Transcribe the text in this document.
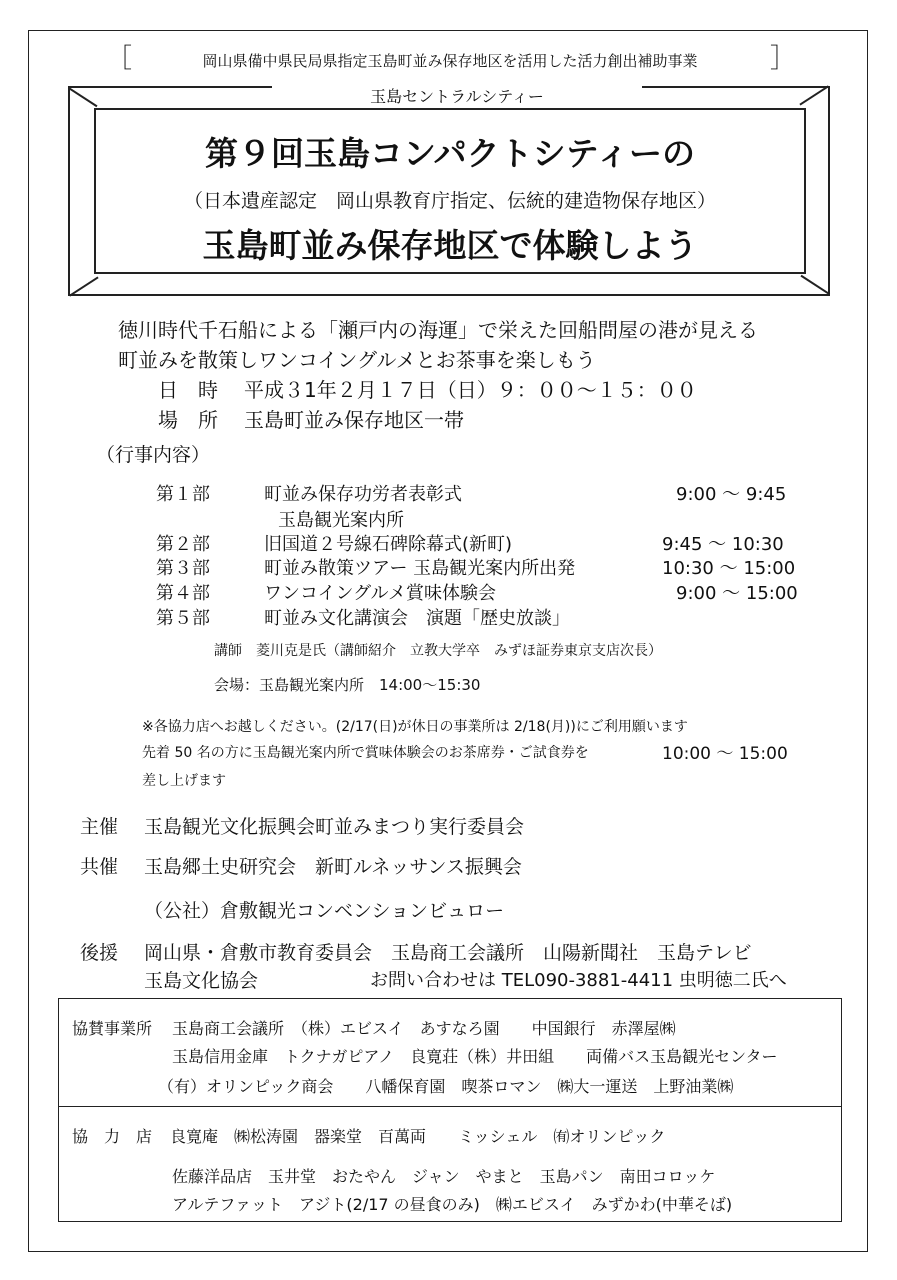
［	岡山県備中県民局県指定玉島町並み保存地区を活用した活力創出補助事業	］
玉島セントラルシティー
第９回玉島コンパクトシティーの
（日本遺産認定　岡山県教育庁指定、伝統的建造物保存地区）
玉島町並み保存地区で体験しよう
徳川時代千石船による「瀬戸内の海運」で栄えた回船問屋の港が見える
町並みを散策しワンコイングルメとお茶事を楽しもう
日　時 平成３1年２月１７日（日）９：００〜１５：００
場　所 玉島町並み保存地区一帯
（行事内容）
第１部	町並み保存功労者表彰式	9:00 〜 9:45
玉島観光案内所
第２部	旧国道２号線石碑除幕式(新町)	9:45 〜 10:30
第３部	町並み散策ツアー 玉島観光案内所出発	10:30 〜 15:00
第４部	ワンコイングルメ賞味体験会	9:00 〜 15:00
第５部	町並み文化講演会　演題「歴史放談」
講師　菱川克是氏（講師紹介　立教大学卒　みずほ証券東京支店次長）
会場：玉島観光案内所　14:00〜15:30
※各協力店へお越しください。(2/17(日)が休日の事業所は 2/18(月))にご利用願います
先着 50 名の方に玉島観光案内所で賞味体験会のお茶席券・ご試食券を	10:00 〜 15:00
差し上げます
主催 玉島観光文化振興会町並みまつり実行委員会
共催 玉島郷土史研究会　新町ルネッサンス振興会
（公社）倉敷観光コンベンションビュロー
後援 岡山県・倉敷市教育委員会　玉島商工会議所　山陽新聞社　玉島テレビ
玉島文化協会	お問い合わせは TEL090-3881-4411 虫明徳二氏へ
協賛事業所 玉島商工会議所　（株）エビスイ　あすなろ園　　中国銀行　赤澤屋㈱
玉島信用金庫　トクナガピアノ　良寛荘（株）井田組　　両備バス玉島観光センター
（有）オリンピック商会　　八幡保育園　喫茶ロマン　㈱大一運送　上野油業㈱
協　力　店 良寛庵　㈱松涛園　器楽堂　百萬両　　ミッシェル　㈲オリンピック
佐藤洋品店　玉井堂　おたやん　ジャン　やまと　玉島パン　南田コロッケ
アルテファット　アジト(2/17 の昼食のみ)　㈱エビスイ　みずかわ(中華そば)
